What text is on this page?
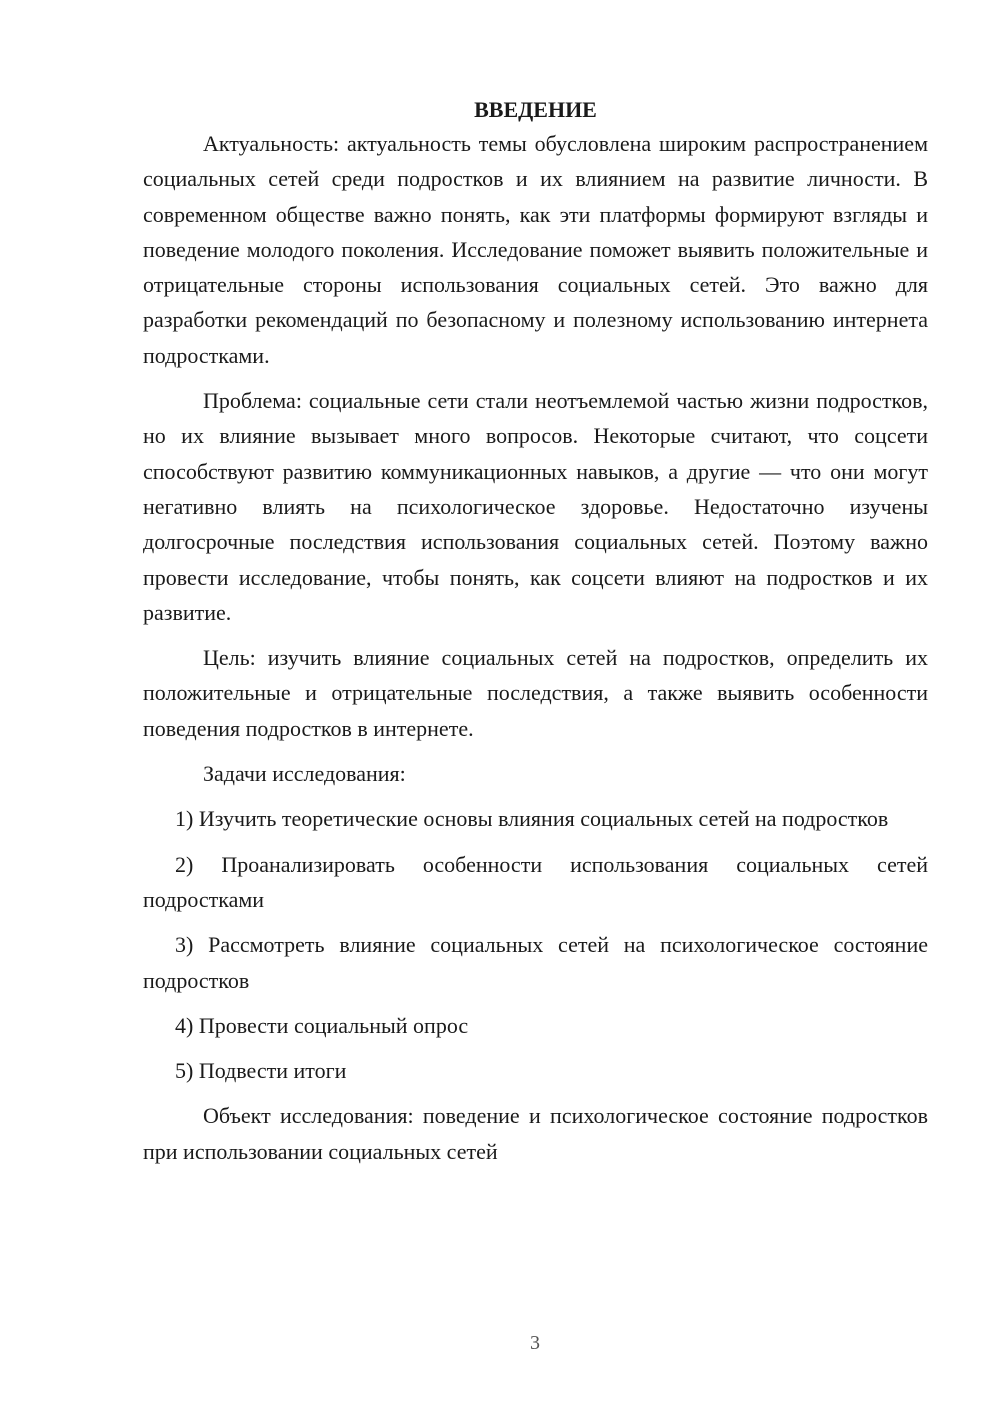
ВВЕДЕНИЕ

Актуальность: актуальность темы обусловлена широким распространением социальных сетей среди подростков и их влиянием на развитие личности. В современном обществе важно понять, как эти платформы формируют взгляды и поведение молодого поколения. Исследование поможет выявить положительные и отрицательные стороны использования социальных сетей. Это важно для разработки рекомендаций по безопасному и полезному использованию интернета подростками.

Проблема: социальные сети стали неотъемлемой частью жизни подростков, но их влияние вызывает много вопросов. Некоторые считают, что соцсети способствуют развитию коммуникационных навыков, а другие — что они могут негативно влиять на психологическое здоровье. Недостаточно изучены долгосрочные последствия использования социальных сетей. Поэтому важно провести исследование, чтобы понять, как соцсети влияют на подростков и их развитие.

Цель: изучить влияние социальных сетей на подростков, определить их положительные и отрицательные последствия, а также выявить особенности поведения подростков в интернете.

Задачи исследования:

1) Изучить теоретические основы влияния социальных сетей на подростков

2) Проанализировать особенности использования социальных сетей подростками

3) Рассмотреть влияние социальных сетей на психологическое состояние подростков

4) Провести социальный опрос

5) Подвести итоги

Объект исследования: поведение и психологическое состояние подростков при использовании социальных сетей

3
